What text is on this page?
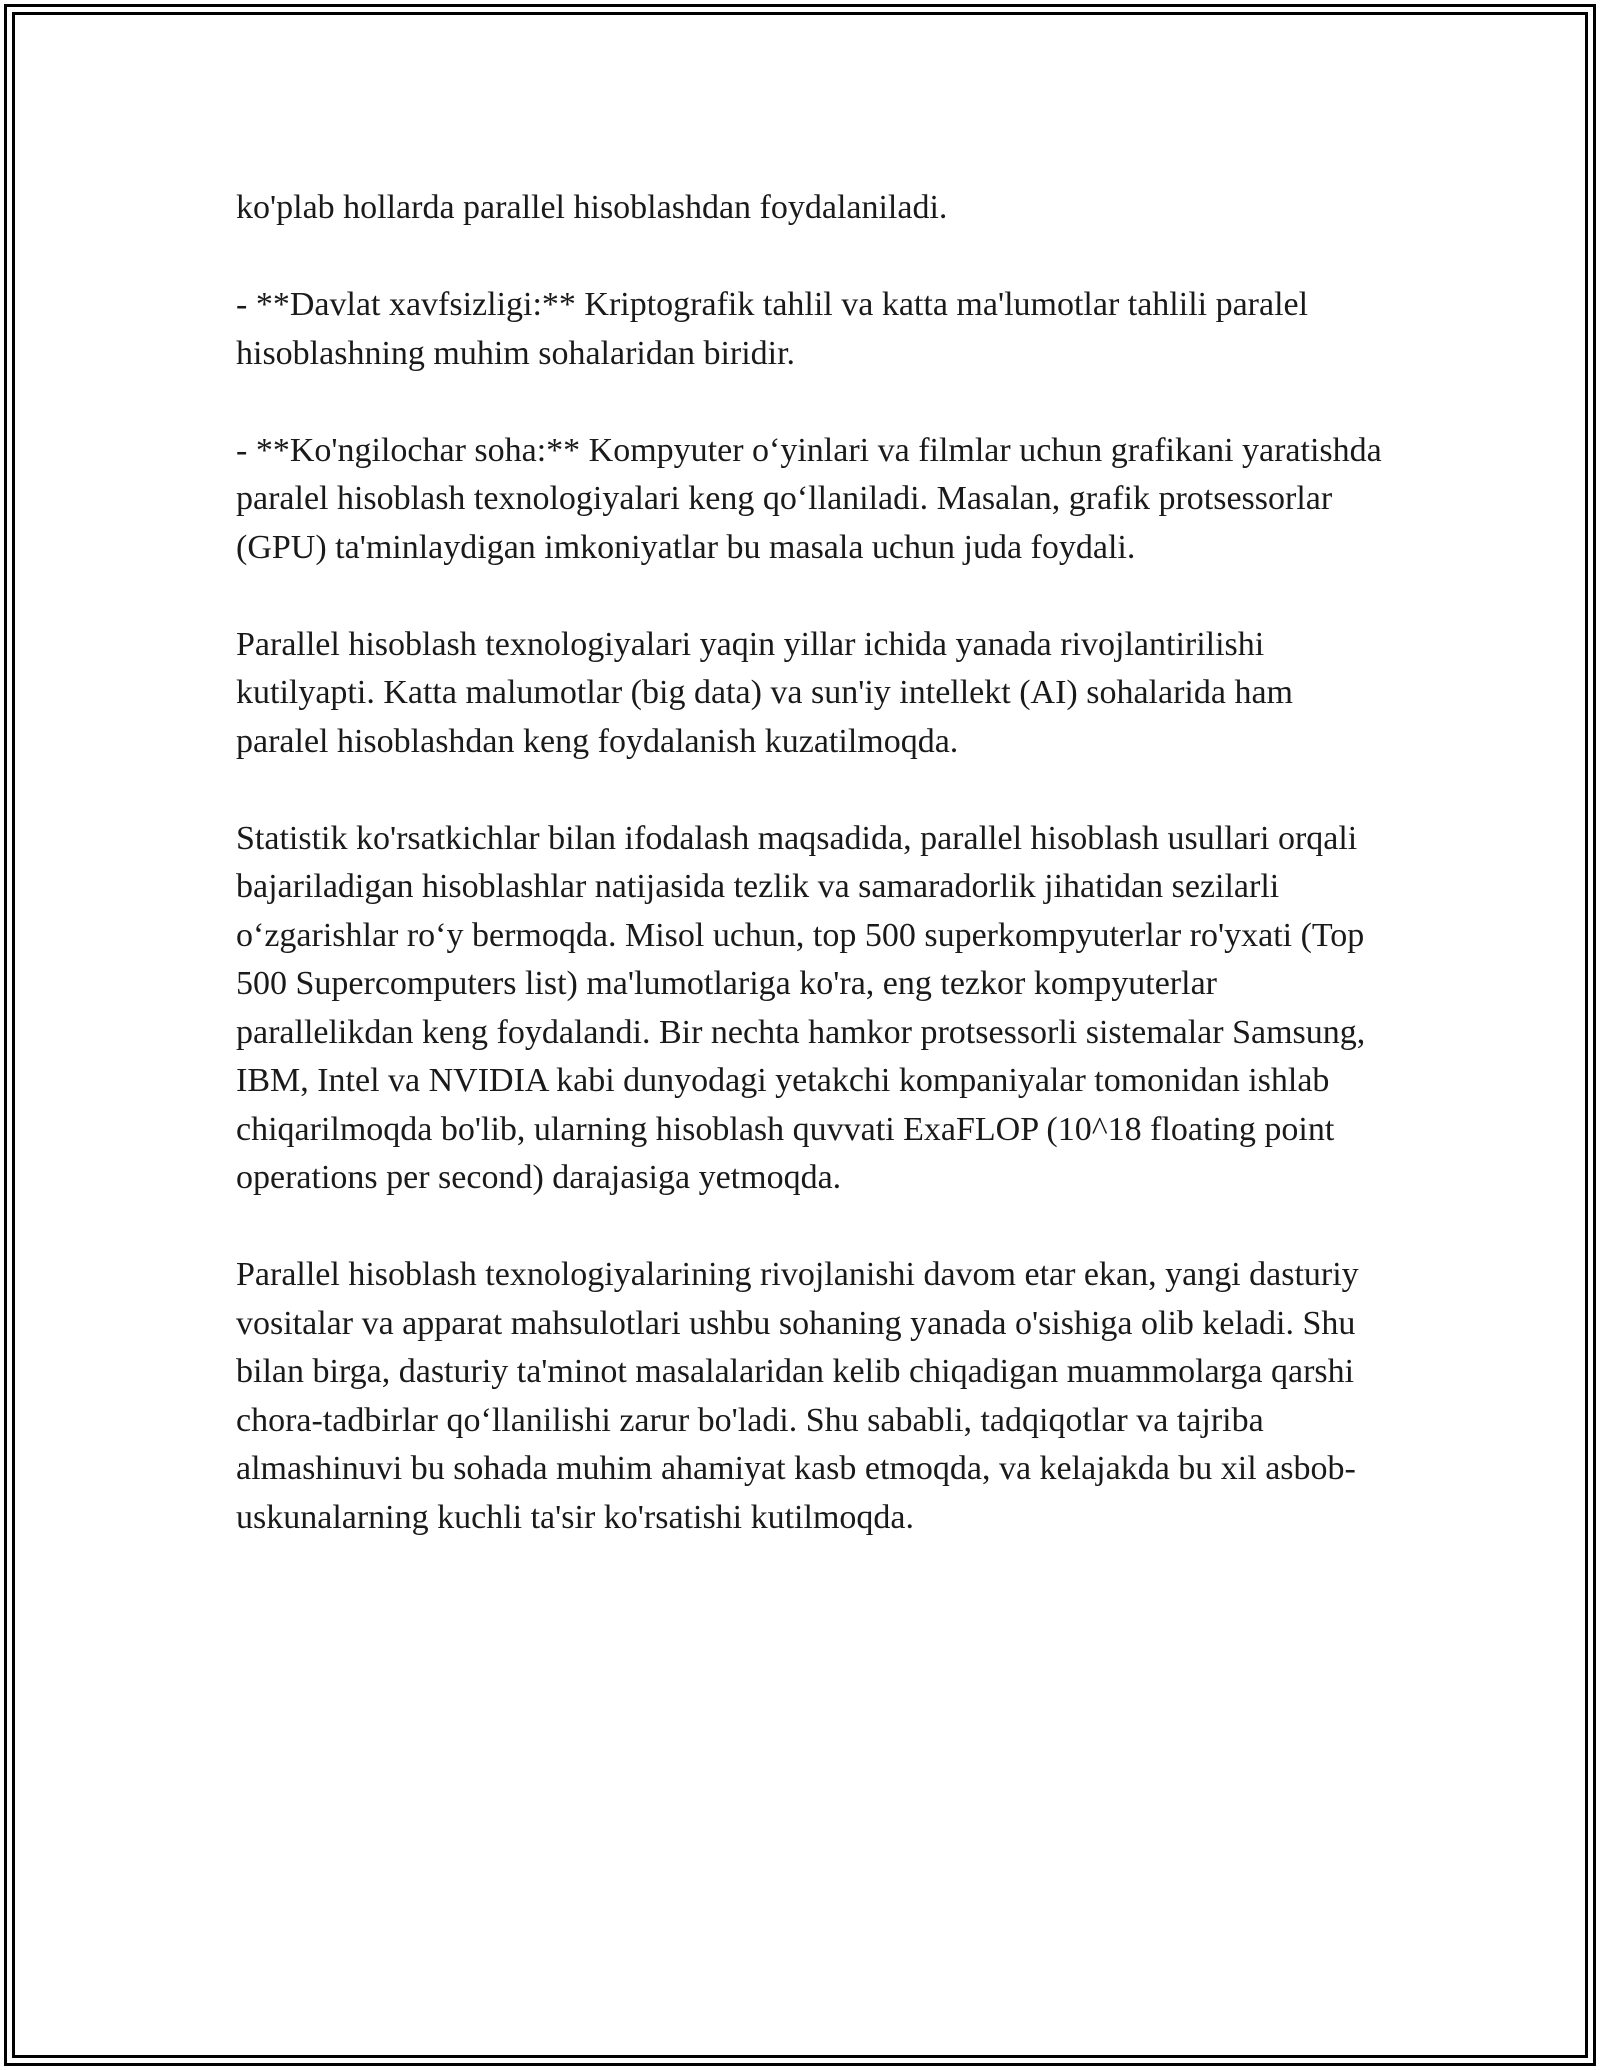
ko'plab hollarda parallel hisoblashdan foydalaniladi.

- **Davlat xavfsizligi:** Kriptografik tahlil va katta ma'lumotlar tahlili paralel hisoblashning muhim sohalaridan biridir.

- **Ko'ngilochar soha:** Kompyuter o‘yinlari va filmlar uchun grafikani yaratishda paralel hisoblash texnologiyalari keng qo‘llaniladi. Masalan, grafik protsessorlar (GPU) ta'minlaydigan imkoniyatlar bu masala uchun juda foydali.

Parallel hisoblash texnologiyalari yaqin yillar ichida yanada rivojlantirilishi kutilyapti. Katta malumotlar (big data) va sun'iy intellekt (AI) sohalarida ham paralel hisoblashdan keng foydalanish kuzatilmoqda.

Statistik ko'rsatkichlar bilan ifodalash maqsadida, parallel hisoblash usullari orqali bajariladigan hisoblashlar natijasida tezlik va samaradorlik jihatidan sezilarli o‘zgarishlar ro‘y bermoqda. Misol uchun, top 500 superkompyuterlar ro'yxati (Top 500 Supercomputers list) ma'lumotlariga ko'ra, eng tezkor kompyuterlar parallelikdan keng foydalandi. Bir nechta hamkor protsessorli sistemalar Samsung, IBM, Intel va NVIDIA kabi dunyodagi yetakchi kompaniyalar tomonidan ishlab chiqarilmoqda bo'lib, ularning hisoblash quvvati ExaFLOP (10^18 floating point operations per second) darajasiga yetmoqda.

Parallel hisoblash texnologiyalarining rivojlanishi davom etar ekan, yangi dasturiy vositalar va apparat mahsulotlari ushbu sohaning yanada o'sishiga olib keladi. Shu bilan birga, dasturiy ta'minot masalalaridan kelib chiqadigan muammolarga qarshi chora-tadbirlar qo‘llanilishi zarur bo'ladi. Shu sababli, tadqiqotlar va tajriba almashinuvi bu sohada muhim ahamiyat kasb etmoqda, va kelajakda bu xil asbob-uskunalarning kuchli ta'sir ko'rsatishi kutilmoqda.
